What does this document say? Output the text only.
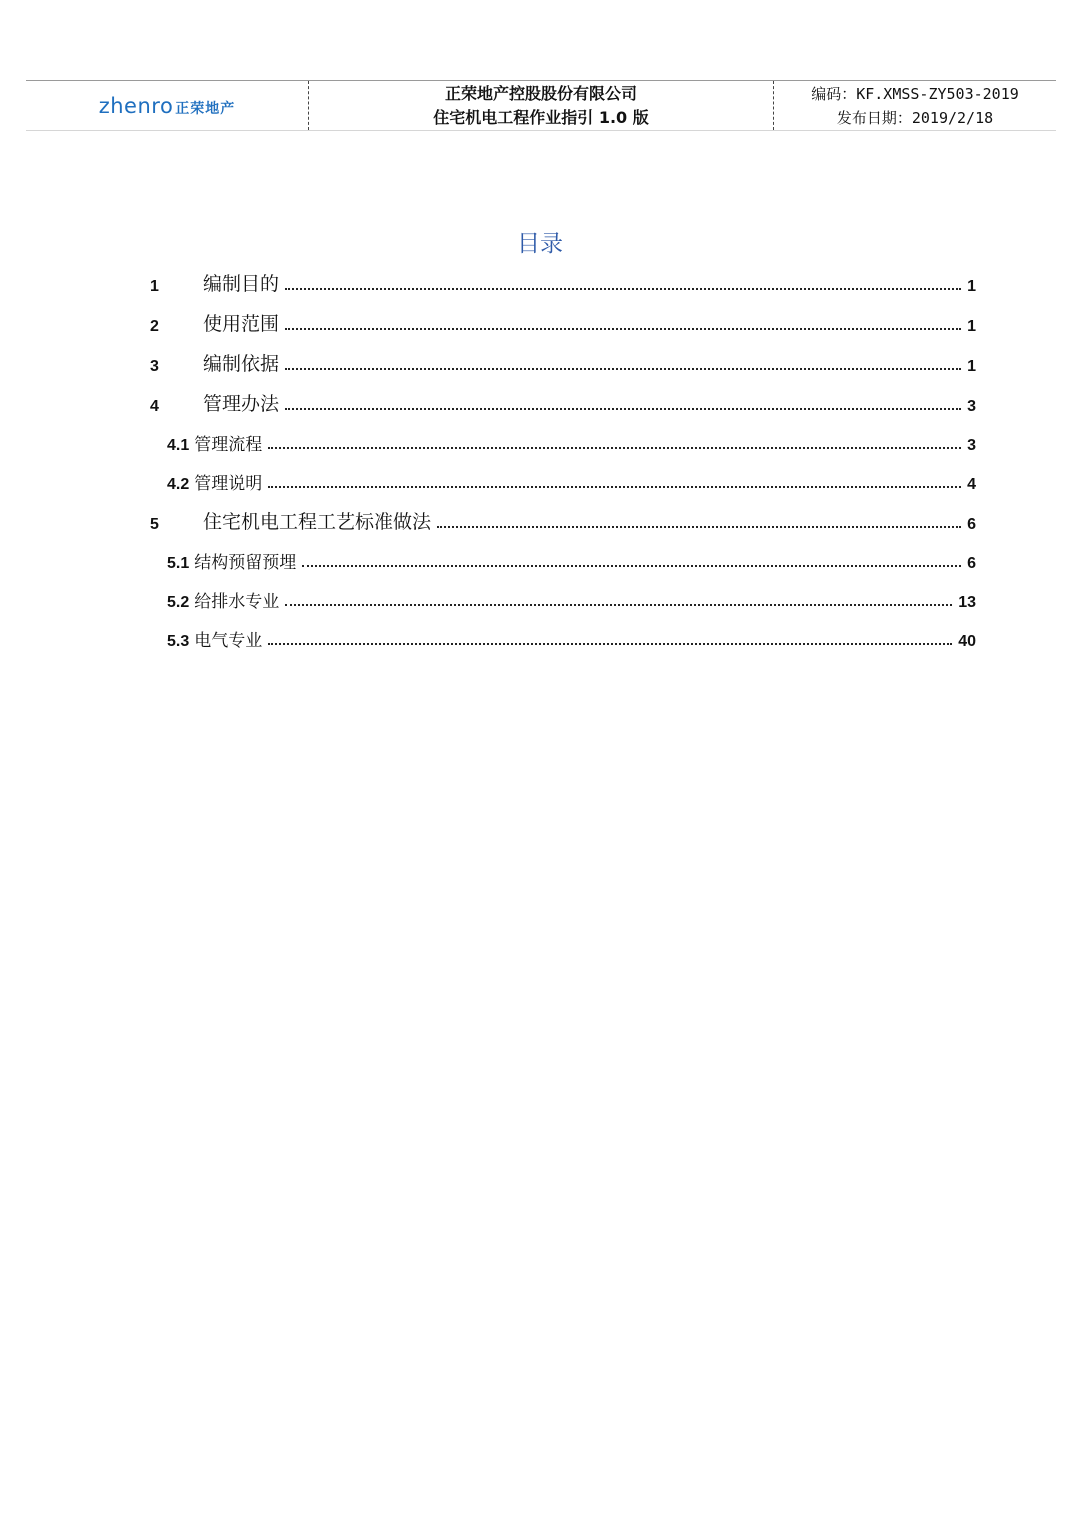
zhenro 正荣地产
正荣地产控股股份有限公司
住宅机电工程作业指引 1.0 版
编码：KF.XMSS-ZY503-2019
发布日期：2019/2/18
目录
1	编制目的	1
2	使用范围	1
3	编制依据	1
4	管理办法	3
4.1 管理流程	3
4.2 管理说明	4
5	住宅机电工程工艺标准做法	6
5.1 结构预留预埋	6
5.2 给排水专业	13
5.3 电气专业	40
